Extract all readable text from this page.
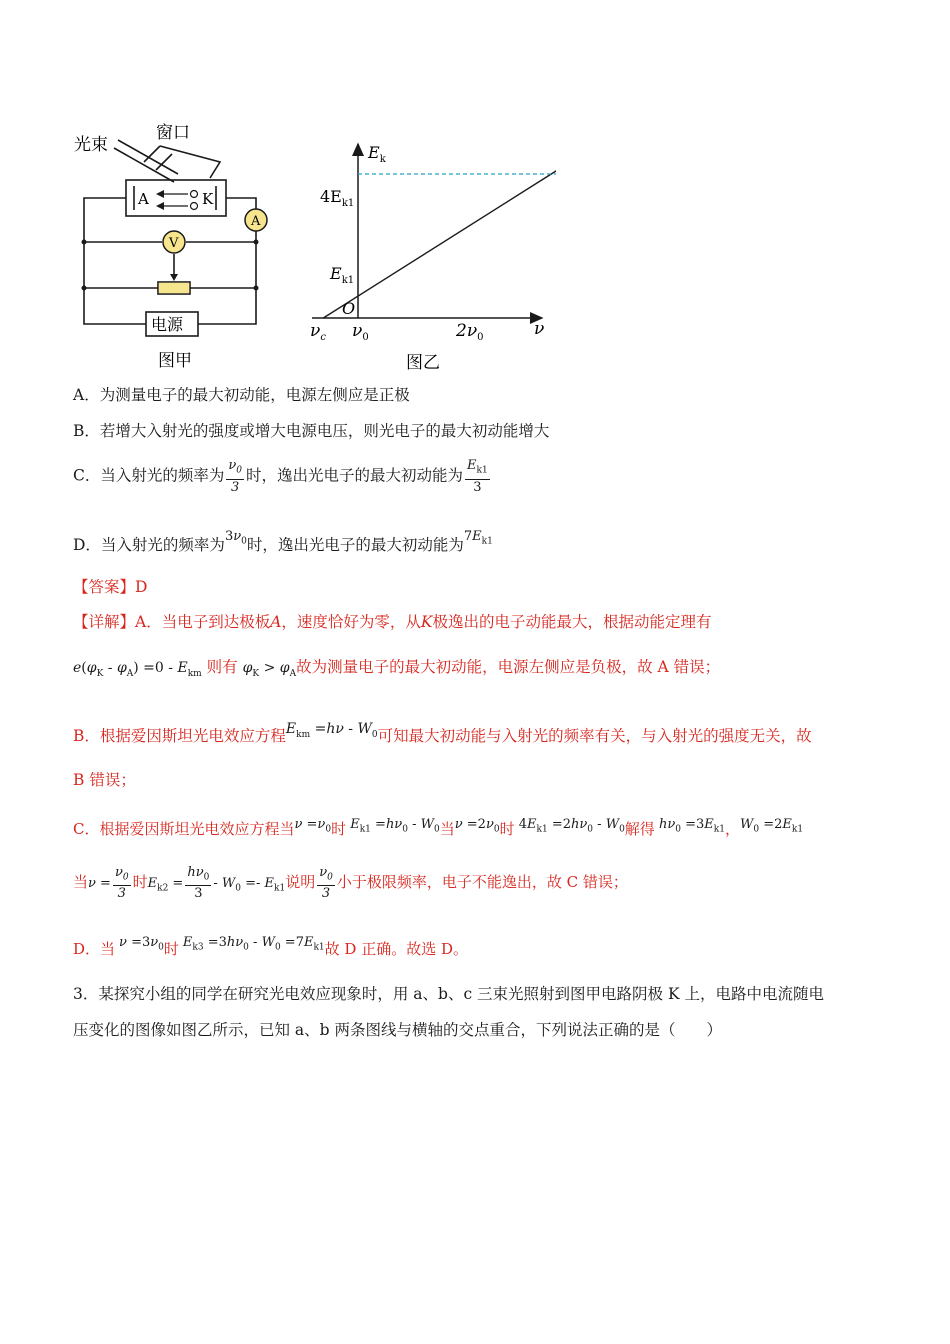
光束
窗口
A	K
A
V
电源
图甲
$E_k$
ν
O
$4E_{k1}$
$E_{k1}$
$\nu_c$ $\nu_0$	$2\nu_0$
图乙
A．为测量电子的最大初动能，电源左侧应是正极
B．若增大入射光的强度或增大电源电压，则光电子的最大初动能增大
C．当入射光的频率为 $\frac{\nu_0}{3}$ 时，逸出光电子的最大初动能为 $\frac{E_{k1}}{3}$
D．当入射光的频率为$^{3\nu_0}$时，逸出光电子的最大初动能为$^{7E_{k1}}$
【答案】D
【详解】A．当电子到达极板A，速度恰好为零，从K极逸出的电子动能最大，根据动能定理有
$e(\varphi_K - \varphi_A) =0 - E_{km}$ 则有 $\varphi_K > \varphi_A$故为测量电子的最大初动能，电源左侧应是负极，故 A 错误；
B．根据爱因斯坦光电效应方程$E_{km} =h\nu - W_0$可知最大初动能与入射光的频率有关，与入射光的强度无关，故
B 错误；
C．根据爱因斯坦光电效应方程当$\nu =\nu_0$时 $E_{k1} =h\nu_0 - W_0$当$\nu =2\nu_0$时 $4E_{k1} =2h\nu_0 - W_0$解得 $h\nu_0 =3E_{k1}$，$W_0 =2E_{k1}$
当$\nu = \frac{\nu_0}{3}$ 时$E_{k2} = \frac{h\nu_0}{3} - W_0 =- E_{k1}$说明 $\frac{\nu_0}{3}$ 小于极限频率，电子不能逸出，故 C 错误；
D．当 $\nu =3\nu_0$时 $E_{k3} =3h\nu_0 - W_0 =7E_{k1}$故 D 正确。故选 D。
3．某探究小组的同学在研究光电效应现象时，用 a、b、c 三束光照射到图甲电路阴极 K 上，电路中电流随电
压变化的图像如图乙所示，已知 a、b 两条图线与横轴的交点重合，下列说法正确的是（　　）
